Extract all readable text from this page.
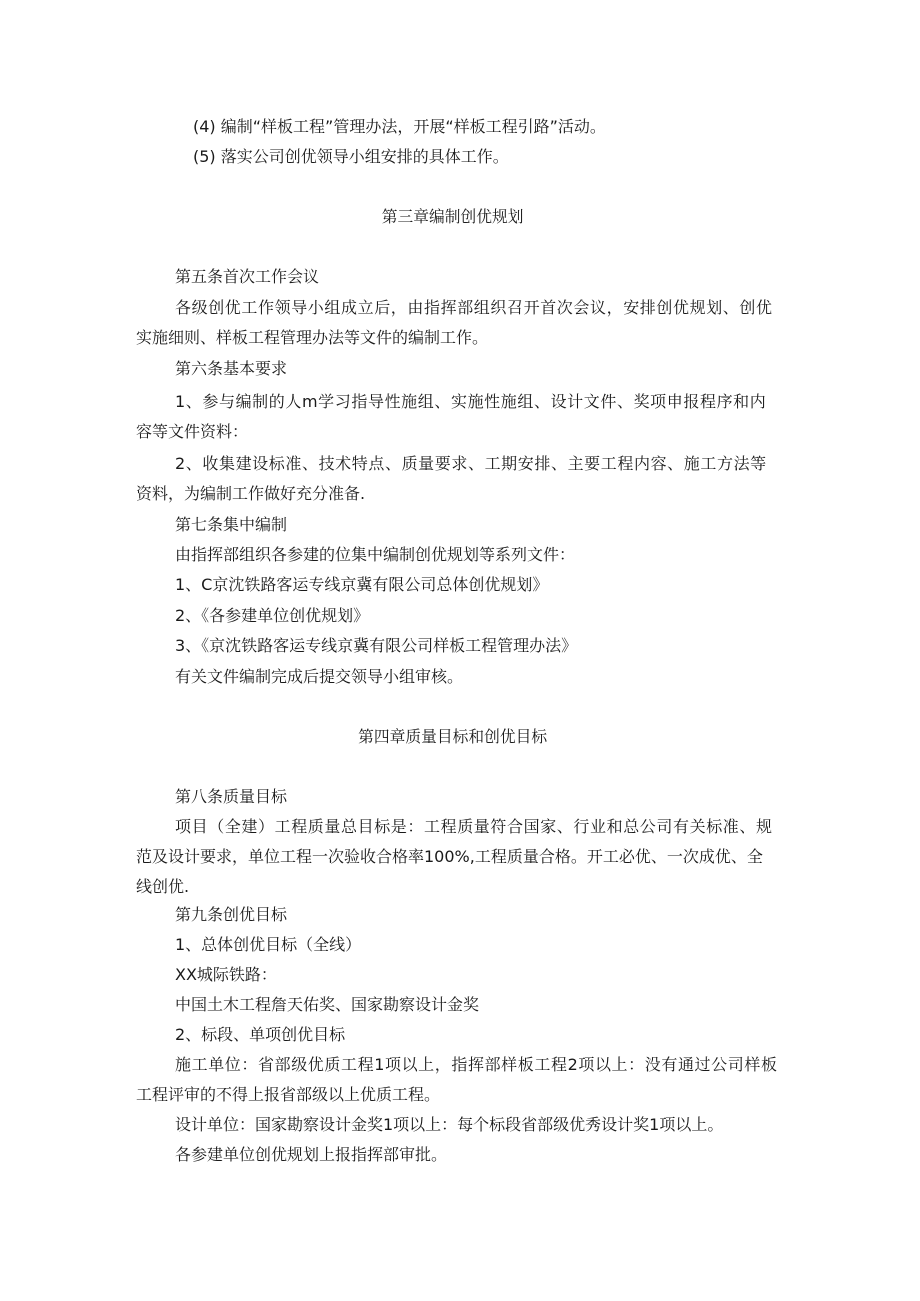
(4) 编制“样板工程”管理办法，开展“样板工程引路”活动。

(5) 落实公司创优领导小组安排的具体工作。

第三章编制创优规划

第五条首次工作会议

各级创优工作领导小组成立后，由指挥部组织召开首次会议，安排创优规划、创优

实施细则、样板工程管理办法等文件的编制工作。

第六条基本要求

1、参与编制的人m学习指导性施组、实施性施组、设计文件、奖项申报程序和内

容等文件资料：

2、收集建设标准、技术特点、质量要求、工期安排、主要工程内容、施工方法等

资料，为编制工作做好充分准备.

第七条集中编制

由指挥部组织各参建的位集中编制创优规划等系列文件：

1、C京沈铁路客运专线京冀有限公司总体创优规划》

2、《各参建单位创优规划》

3、《京沈铁路客运专线京冀有限公司样板工程管理办法》

有关文件编制完成后提交领导小组审核。

第四章质量目标和创优目标

第八条质量目标

项目（全建）工程质量总目标是：工程质量符合国家、行业和总公司有关标准、规

范及设计要求，单位工程一次验收合格率100%,工程质量合格。开工必优、一次成优、全

线创优.

第九条创优目标

1、总体创优目标（全线）

XX城际铁路：

中国土木工程詹天佑奖、国家勘察设计金奖

2、标段、单项创优目标

施工单位：省部级优质工程1项以上，指挥部样板工程2项以上：没有通过公司样板

工程评审的不得上报省部级以上优质工程。

设计单位：国家勘察设计金奖1项以上：每个标段省部级优秀设计奖1项以上。

各参建单位创优规划上报指挥部审批。
